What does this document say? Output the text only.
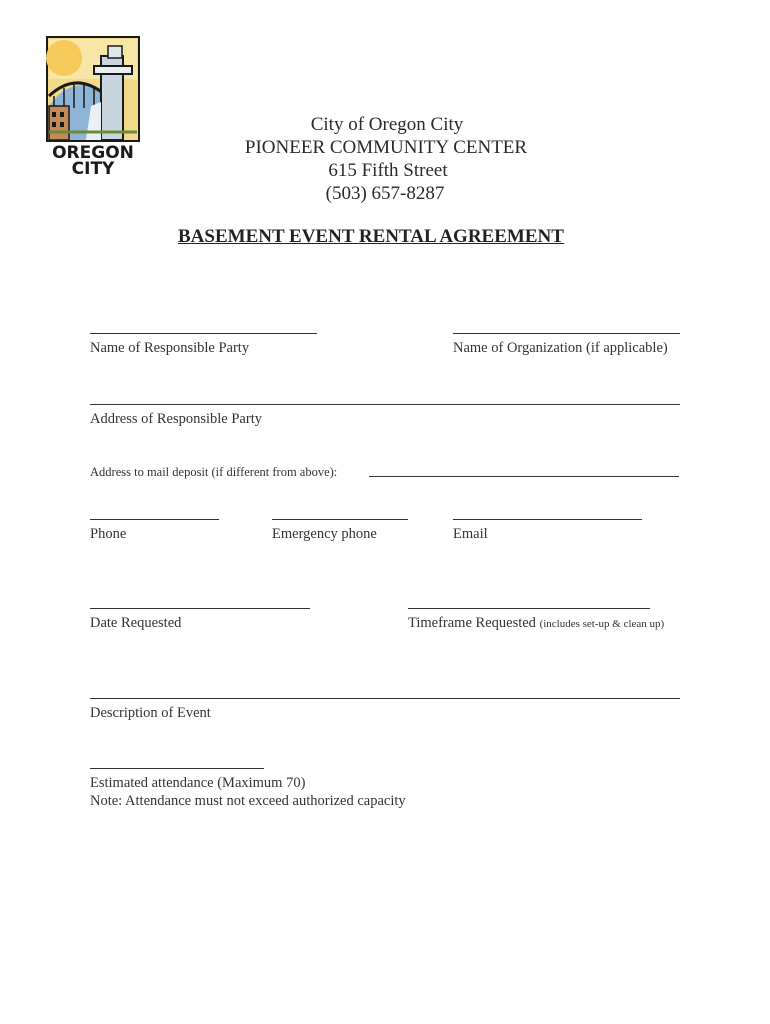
OREGON
CITY
City of Oregon City
PIONEER COMMUNITY CENTER
615 Fifth Street
(503) 657-8287
BASEMENT EVENT RENTAL AGREEMENT
Name of Responsible Party	Name of Organization (if applicable)
Address of Responsible Party
Address to mail deposit (if different from above):
Phone	Emergency phone	Email
Date Requested	Timeframe Requested (includes set-up & clean up)
Description of Event
Estimated attendance (Maximum 70)
Note: Attendance must not exceed authorized capacity
